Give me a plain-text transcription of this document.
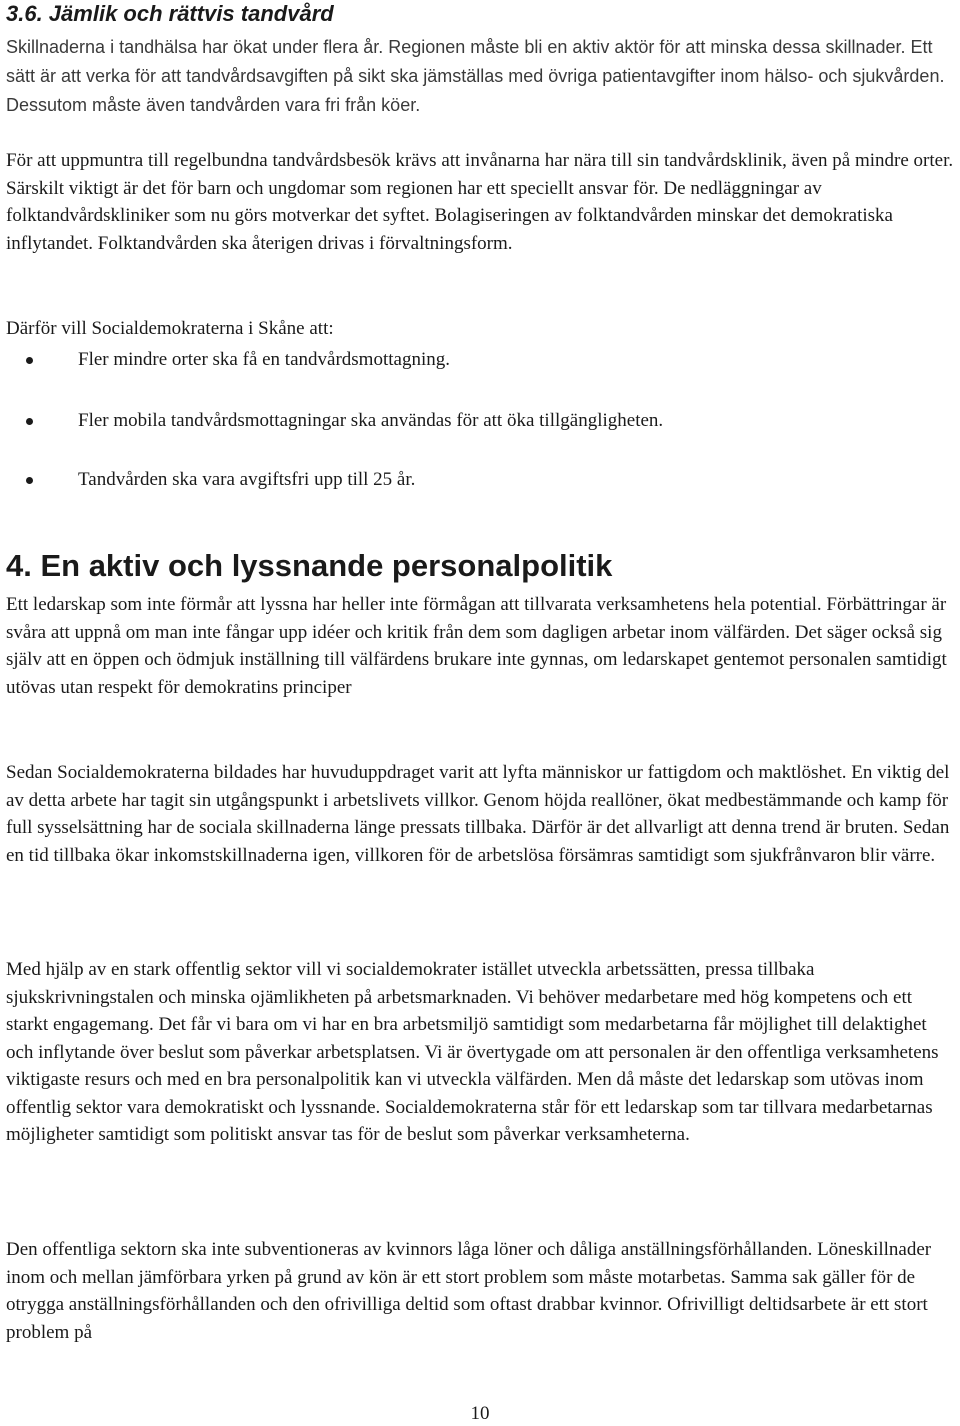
3.6. Jämlik och rättvis tandvård

Skillnaderna i tandhälsa har ökat under flera år. Regionen måste bli en aktiv aktör för att minska dessa skillnader. Ett sätt är att verka för att tandvårdsavgiften på sikt ska jämställas med övriga patientavgifter inom hälso- och sjukvården. Dessutom måste även tandvården vara fri från köer.

För att uppmuntra till regelbundna tandvårdsbesök krävs att invånarna har nära till sin tandvårdsklinik, även på mindre orter. Särskilt viktigt är det för barn och ungdomar som regionen har ett speciellt ansvar för. De nedläggningar av folktandvårdskliniker som nu görs motverkar det syftet. Bolagiseringen av folktandvården minskar det demokratiska inflytandet. Folktandvården ska återigen drivas i förvaltningsform.

Därför vill Socialdemokraterna i Skåne att:

Fler mindre orter ska få en tandvårdsmottagning.
Fler mobila tandvårdsmottagningar ska användas för att öka tillgängligheten.
Tandvården ska vara avgiftsfri upp till 25 år.
4. En aktiv och lyssnande personalpolitik

Ett ledarskap som inte förmår att lyssna har heller inte förmågan att tillvarata verksamhetens hela potential. Förbättringar är svåra att uppnå om man inte fångar upp idéer och kritik från dem som dagligen arbetar inom välfärden. Det säger också sig själv att en öppen och ödmjuk inställning till välfärdens brukare inte gynnas, om ledarskapet gentemot personalen samtidigt utövas utan respekt för demokratins principer

Sedan Socialdemokraterna bildades har huvuduppdraget varit att lyfta människor ur fattigdom och maktlöshet. En viktig del av detta arbete har tagit sin utgångspunkt i arbetslivets villkor. Genom höjda reallöner, ökat medbestämmande och kamp för full sysselsättning har de sociala skillnaderna länge pressats tillbaka. Därför är det allvarligt att denna trend är bruten. Sedan en tid tillbaka ökar inkomstskillnaderna igen, villkoren för de arbetslösa försämras samtidigt som sjukfrånvaron blir värre.

Med hjälp av en stark offentlig sektor vill vi socialdemokrater istället utveckla arbetssätten, pressa tillbaka sjukskrivningstalen och minska ojämlikheten på arbetsmarknaden. Vi behöver medarbetare med hög kompetens och ett starkt engagemang. Det får vi bara om vi har en bra arbetsmiljö samtidigt som medarbetarna får möjlighet till delaktighet och inflytande över beslut som påverkar arbetsplatsen. Vi är övertygade om att personalen är den offentliga verksamhetens viktigaste resurs och med en bra personalpolitik kan vi utveckla välfärden. Men då måste det ledarskap som utövas inom offentlig sektor vara demokratiskt och lyssnande. Socialdemokraterna står för ett ledarskap som tar tillvara medarbetarnas möjligheter samtidigt som politiskt ansvar tas för de beslut som påverkar verksamheterna.

Den offentliga sektorn ska inte subventioneras av kvinnors låga löner och dåliga anställningsförhållanden. Löneskillnader inom och mellan jämförbara yrken på grund av kön är ett stort problem som måste motarbetas. Samma sak gäller för de otrygga anställningsförhållanden och den ofrivilliga deltid som oftast drabbar kvinnor. Ofrivilligt deltidsarbete är ett stort problem på

10
